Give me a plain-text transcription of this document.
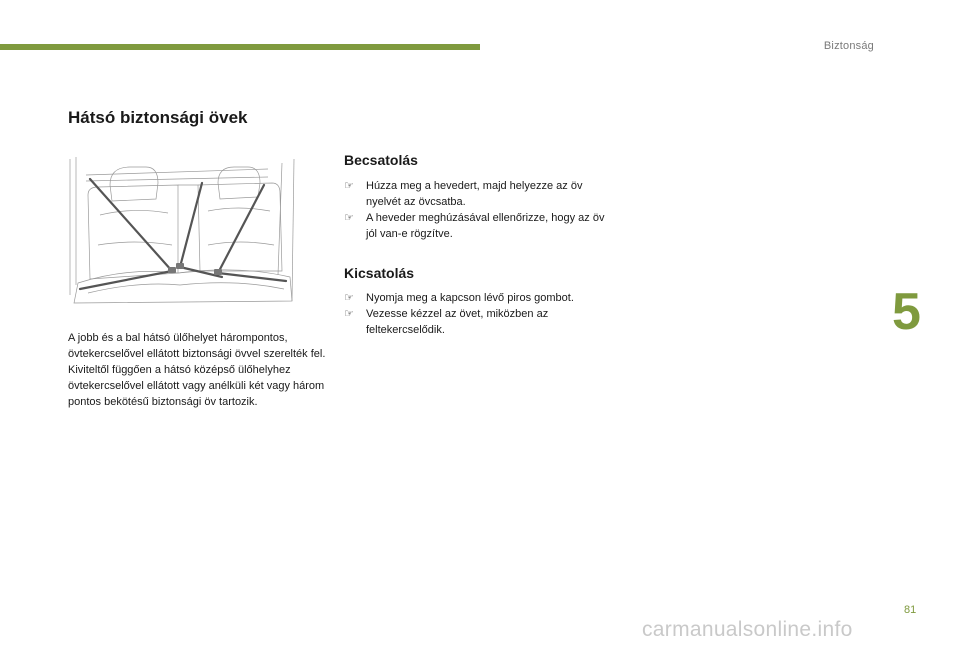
Biztonság
5
Hátsó biztonsági övek

A jobb és a bal hátsó ülőhelyet hárompontos, övtekercselővel ellátott biztonsági övvel szerelték fel.

Kiviteltől függően a hátsó középső ülőhelyhez övtekercselővel ellátott vagy anélküli két vagy három pontos bekötésű biztonsági öv tartozik.

Becsatolás
☞ Húzza meg a hevedert, majd helyezze az öv nyelvét az övcsatba.
☞ A heveder meghúzásával ellenőrizze, hogy az öv jól van-e rögzítve.
Kicsatolás
☞ Nyomja meg a kapcson lévő piros gombot.
☞ Vezesse kézzel az övet, miközben az feltekercselődik.
81
carmanualsonline.info
